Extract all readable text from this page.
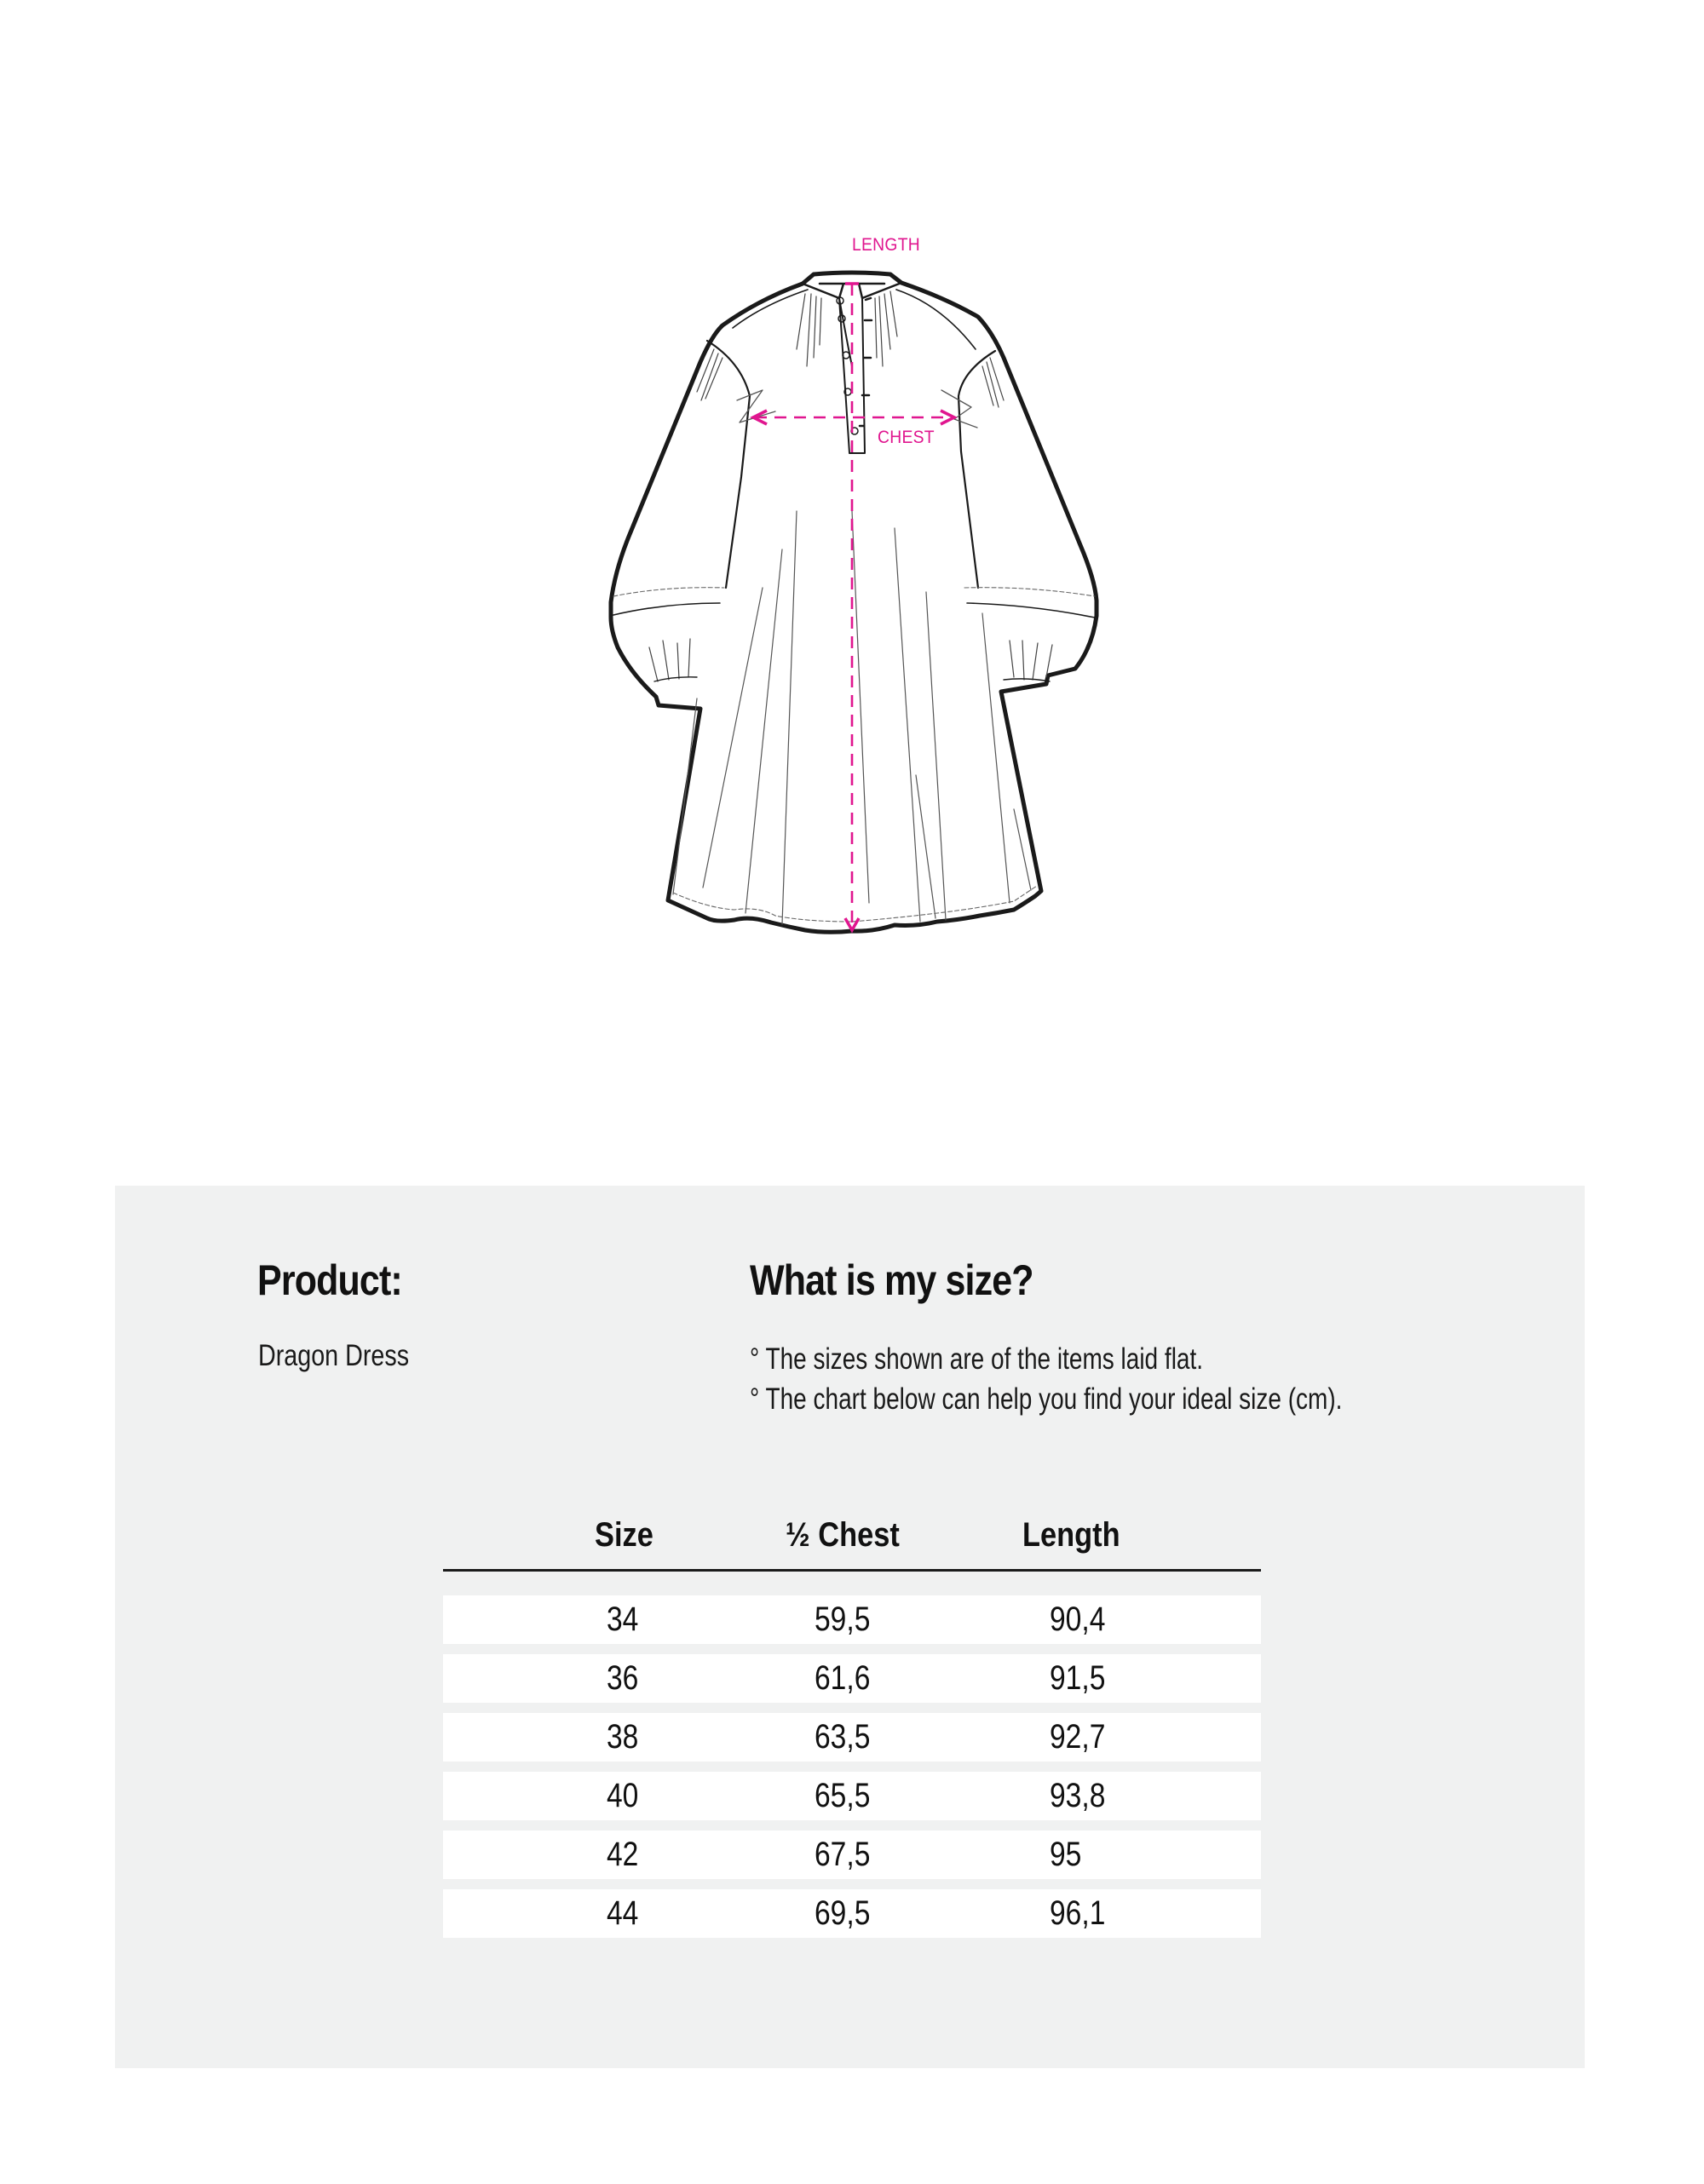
LENGTH
CHEST
Product:
Dragon Dress
What is my size?
° The sizes shown are of the items laid flat.
° The chart below can help you find your ideal size (cm).
Size	½ Chest	Length
34	59,5	90,4
36	61,6	91,5
38	63,5	92,7
40	65,5	93,8
42	67,5	95
44	69,5	96,1
